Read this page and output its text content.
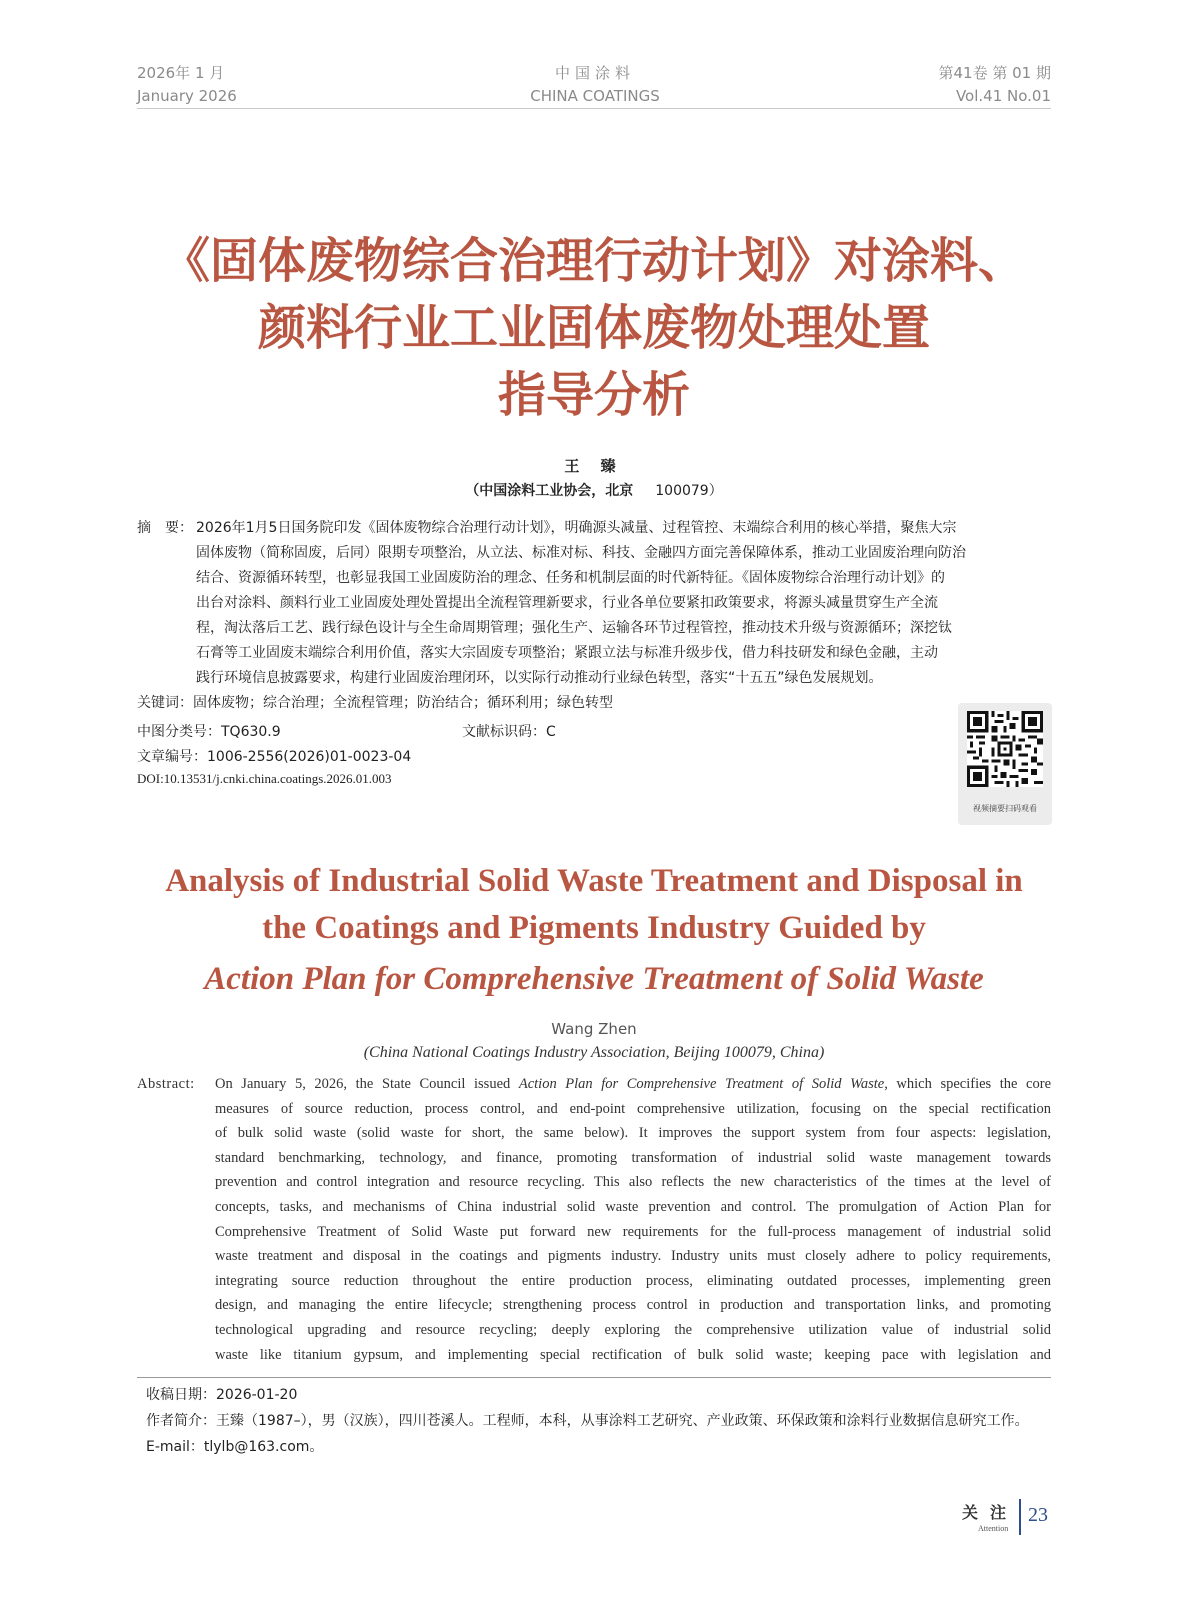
2026年 1 月
January 2026
中国涂料
CHINA COATINGS
第41卷 第 01 期
Vol.41 No.01
《固体废物综合治理行动计划》对涂料、
颜料行业工业固体废物处理处置
指导分析
王 臻
（中国涂料工业协会，北京 100079）
摘　要： 2026年1月5日国务院印发《固体废物综合治理行动计划》，明确源头减量、过程管控、末端综合利用的核心举措，聚焦大宗
固体废物（简称固废，后同）限期专项整治，从立法、标准对标、科技、金融四方面完善保障体系，推动工业固废治理向防治
结合、资源循环转型，也彰显我国工业固废防治的理念、任务和机制层面的时代新特征。《固体废物综合治理行动计划》的
出台对涂料、颜料行业工业固废处理处置提出全流程管理新要求，行业各单位要紧扣政策要求，将源头减量贯穿生产全流
程，淘汰落后工艺、践行绿色设计与全生命周期管理；强化生产、运输各环节过程管控，推动技术升级与资源循环；深挖钛
石膏等工业固废末端综合利用价值，落实大宗固废专项整治；紧跟立法与标准升级步伐，借力科技研发和绿色金融，主动
践行环境信息披露要求，构建行业固废治理闭环，以实际行动推动行业绿色转型，落实“十五五”绿色发展规划。
关键词：固体废物；综合治理；全流程管理；防治结合；循环利用；绿色转型
中图分类号：TQ630.9	文献标识码：C
文章编号：1006-2556(2026)01-0023-04
DOI:10.13531/j.cnki.china.coatings.2026.01.003
视频摘要扫码观看
Analysis of Industrial Solid Waste Treatment and Disposal in
the Coatings and Pigments Industry Guided by
Action Plan for Comprehensive Treatment of Solid Waste
Wang Zhen
(China National Coatings Industry Association, Beijing 100079, China)
Abstract: On January 5, 2026, the State Council issued Action Plan for Comprehensive Treatment of Solid Waste, which specifies the core
measures of source reduction, process control, and end-point comprehensive utilization, focusing on the special rectification
of bulk solid waste (solid waste for short, the same below). It improves the support system from four aspects: legislation,
standard benchmarking, technology, and finance, promoting transformation of industrial solid waste management towards
prevention and control integration and resource recycling. This also reflects the new characteristics of the times at the level of
concepts, tasks, and mechanisms of China industrial solid waste prevention and control. The promulgation of Action Plan for
Comprehensive Treatment of Solid Waste put forward new requirements for the full-process management of industrial solid
waste treatment and disposal in the coatings and pigments industry. Industry units must closely adhere to policy requirements,
integrating source reduction throughout the entire production process, eliminating outdated processes, implementing green
design, and managing the entire lifecycle; strengthening process control in production and transportation links, and promoting
technological upgrading and resource recycling; deeply exploring the comprehensive utilization value of industrial solid
waste like titanium gypsum, and implementing special rectification of bulk solid waste; keeping pace with legislation and
收稿日期：2026-01-20
作者简介：王臻（1987–），男（汉族），四川苍溪人。工程师，本科，从事涂料工艺研究、产业政策、环保政策和涂料行业数据信息研究工作。
E-mail：tlylb@163.com。
关注
Attention
23
